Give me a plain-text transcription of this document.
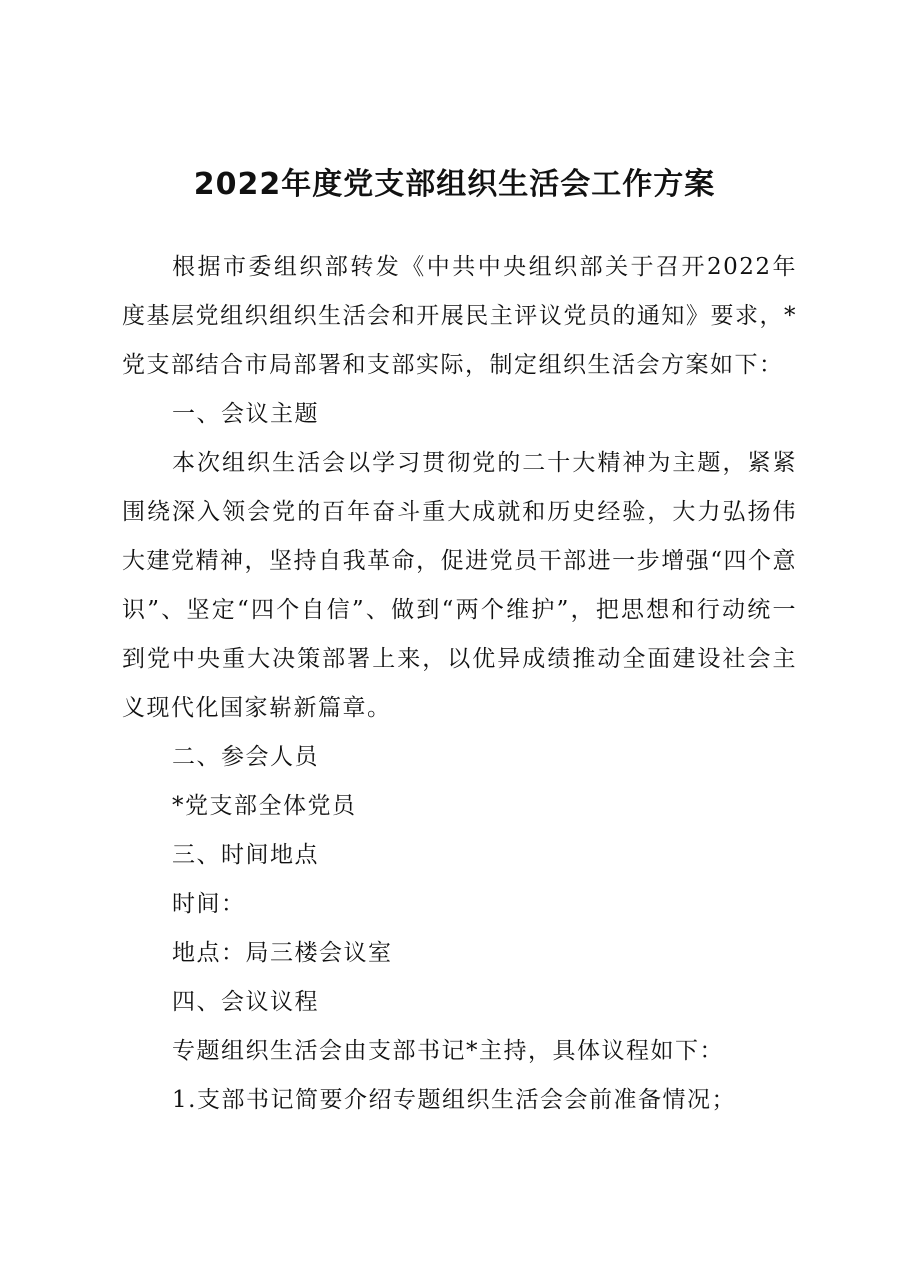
2022年度党支部组织生活会工作方案

根据市委组织部转发《中共中央组织部关于召开2022年度基层党组织组织生活会和开展民主评议党员的通知》要求，*党支部结合市局部署和支部实际，制定组织生活会方案如下：

一、会议主题

本次组织生活会以学习贯彻党的二十大精神为主题，紧紧围绕深入领会党的百年奋斗重大成就和历史经验，大力弘扬伟大建党精神，坚持自我革命，促进党员干部进一步增强“四个意识”、坚定“四个自信”、做到“两个维护”，把思想和行动统一到党中央重大决策部署上来，以优异成绩推动全面建设社会主义现代化国家崭新篇章。

二、参会人员

*党支部全体党员

三、时间地点

时间：

地点：局三楼会议室

四、会议议程

专题组织生活会由支部书记*主持，具体议程如下：

1.支部书记简要介绍专题组织生活会会前准备情况；
